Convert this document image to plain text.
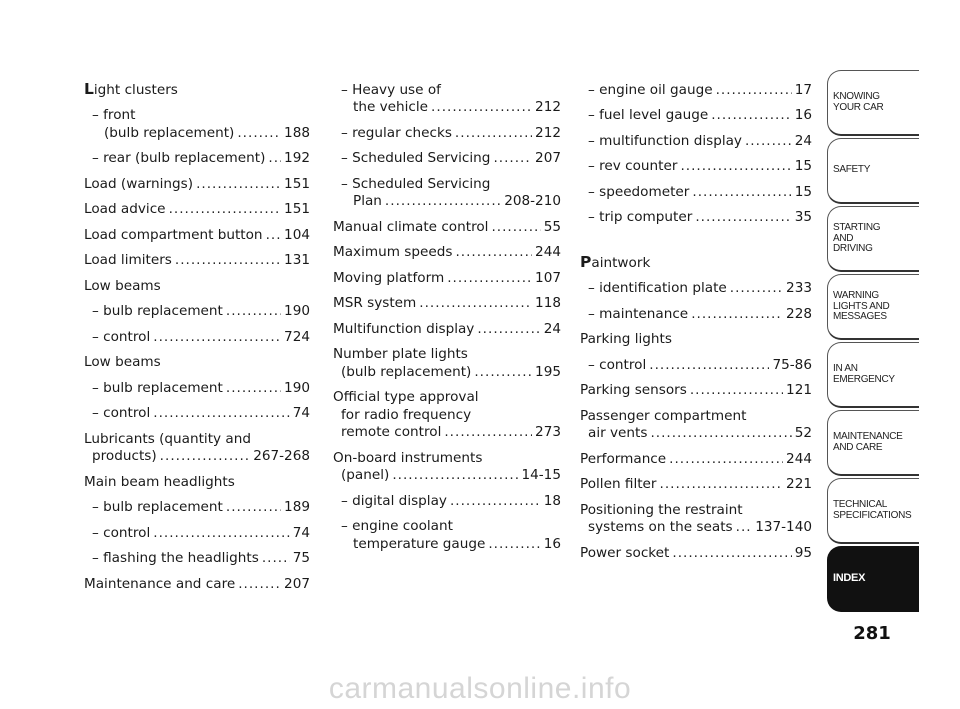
Light clusters
– front
(bulb replacement) .....	188
– rear (bulb replacement) ..... 192
Load (warnings) .....	151
Load advice .....	151
Load compartment button ..... 104
Load limiters .....	131
Low beams
– bulb replacement .....	190
– control .....	724
Low beams
– bulb replacement .....	190
– control .....	74
Lubricants (quantity and
products) .....	267-268
Main beam headlights
– bulb replacement .....	189
– control .....	74
– flashing the headlights ..... 75
Maintenance and care .....	207
– Heavy use of
the vehicle .....	212
– regular checks .....	212
– Scheduled Servicing .....	207
– Scheduled Servicing
Plan .....	208-210
Manual climate control .....	55
Maximum speeds .....	244
Moving platform .....	107
MSR system .....	118
Multifunction display .....	24
Number plate lights
(bulb replacement) .....	195
Official type approval
for radio frequency
remote control .....	273
On-board instruments
(panel) .....	14-15
– digital display .....	18
– engine coolant
temperature gauge .....	16
– engine oil gauge .....	17
– fuel level gauge .....	16
– multifunction display .....	24
– rev counter .....	15
– speedometer .....	15
– trip computer .....	35
Paintwork
– identification plate .....	233
– maintenance .....	228
Parking lights
– control .....	75-86
Parking sensors .....	121
Passenger compartment
air vents .....	52
Performance .....	244
Pollen filter .....	221
Positioning the restraint
systems on the seats ..... 137-140
Power socket .....	95
KNOWING
YOUR CAR
SAFETY
STARTING
AND
DRIVING
WARNING
LIGHTS AND
MESSAGES
IN AN
EMERGENCY
MAINTENANCE
AND CARE
TECHNICAL
SPECIFICATIONS
INDEX
281
carmanualsonline.info
